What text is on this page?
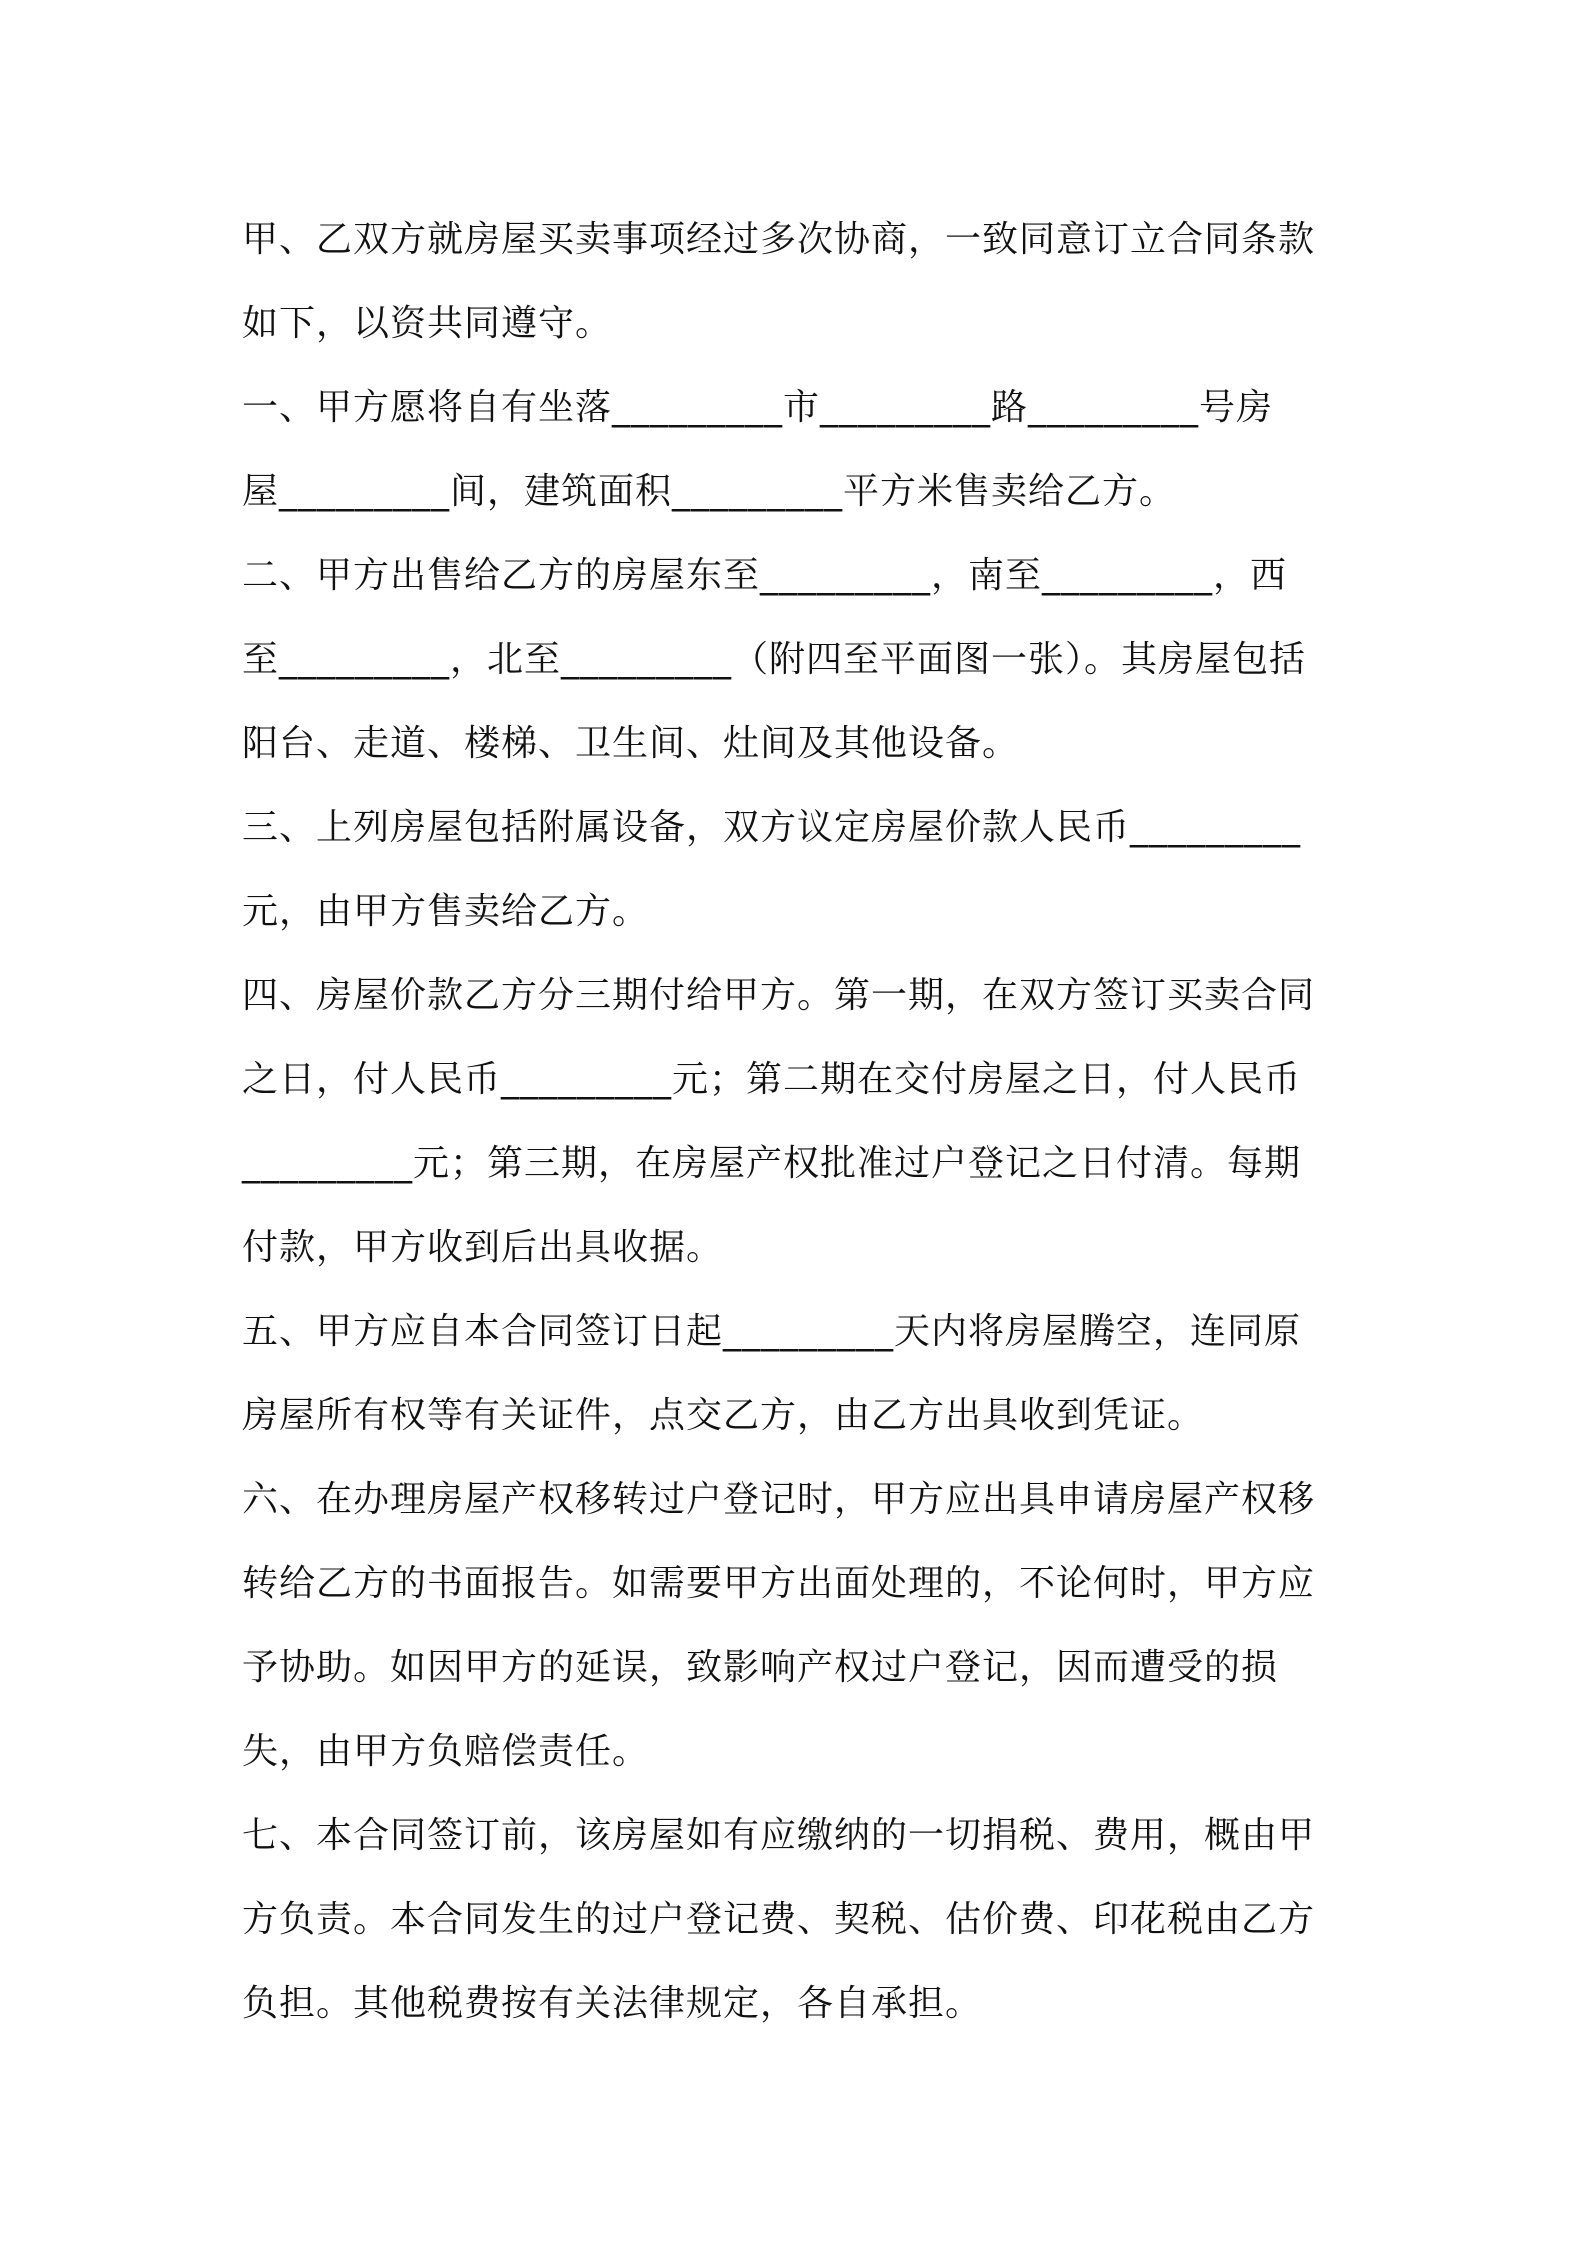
甲、乙双方就房屋买卖事项经过多次协商，一致同意订立合同条款
如下，以资共同遵守。
一、甲方愿将自有坐落_________市_________路_________号房
屋_________间，建筑面积_________平方米售卖给乙方。
二、甲方出售给乙方的房屋东至_________，南至_________，西
至_________，北至_________（附四至平面图一张）。其房屋包括
阳台、走道、楼梯、卫生间、灶间及其他设备。
三、上列房屋包括附属设备，双方议定房屋价款人民币_________
元，由甲方售卖给乙方。
四、房屋价款乙方分三期付给甲方。第一期，在双方签订买卖合同
之日，付人民币_________元；第二期在交付房屋之日，付人民币
_________元；第三期，在房屋产权批准过户登记之日付清。每期
付款，甲方收到后出具收据。
五、甲方应自本合同签订日起_________天内将房屋腾空，连同原
房屋所有权等有关证件，点交乙方，由乙方出具收到凭证。
六、在办理房屋产权移转过户登记时，甲方应出具申请房屋产权移
转给乙方的书面报告。如需要甲方出面处理的，不论何时，甲方应
予协助。如因甲方的延误，致影响产权过户登记，因而遭受的损
失，由甲方负赔偿责任。
七、本合同签订前，该房屋如有应缴纳的一切捐税、费用，概由甲
方负责。本合同发生的过户登记费、契税、估价费、印花税由乙方
负担。其他税费按有关法律规定，各自承担。
